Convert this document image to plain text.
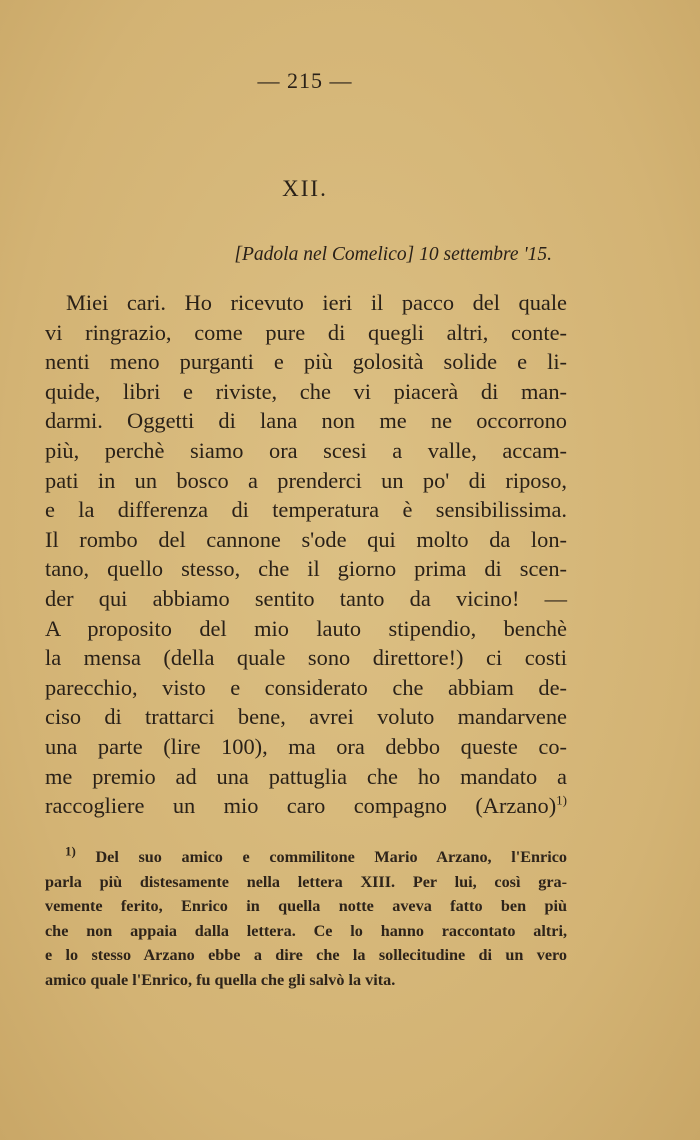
— 215 —
XII.
[Padola nel Comelico] 10 settembre '15.
Miei cari. Ho ricevuto ieri il pacco del quale
vi ringrazio, come pure di quegli altri, conte-
nenti meno purganti e più golosità solide e li-
quide, libri e riviste, che vi piacerà di man-
darmi. Oggetti di lana non me ne occorrono
più, perchè siamo ora scesi a valle, accam-
pati in un bosco a prenderci un po' di riposo,
e la differenza di temperatura è sensibilissima.
Il rombo del cannone s'ode qui molto da lon-
tano, quello stesso, che il giorno prima di scen-
der qui abbiamo sentito tanto da vicino! —
A proposito del mio lauto stipendio, benchè
la mensa (della quale sono direttore!) ci costi
parecchio, visto e considerato che abbiam de-
ciso di trattarci bene, avrei voluto mandarvene
una parte (lire 100), ma ora debbo queste co-
me premio ad una pattuglia che ho mandato a
raccogliere un mio caro compagno (Arzano)$^{1)}$
$^{1)}$ Del suo amico e commilitone Mario Arzano, l'Enrico
parla più distesamente nella lettera XIII. Per lui, così gra-
vemente ferito, Enrico in quella notte aveva fatto ben più
che non appaia dalla lettera. Ce lo hanno raccontato altri,
e lo stesso Arzano ebbe a dire che la sollecitudine di un vero
amico quale l'Enrico, fu quella che gli salvò la vita.
